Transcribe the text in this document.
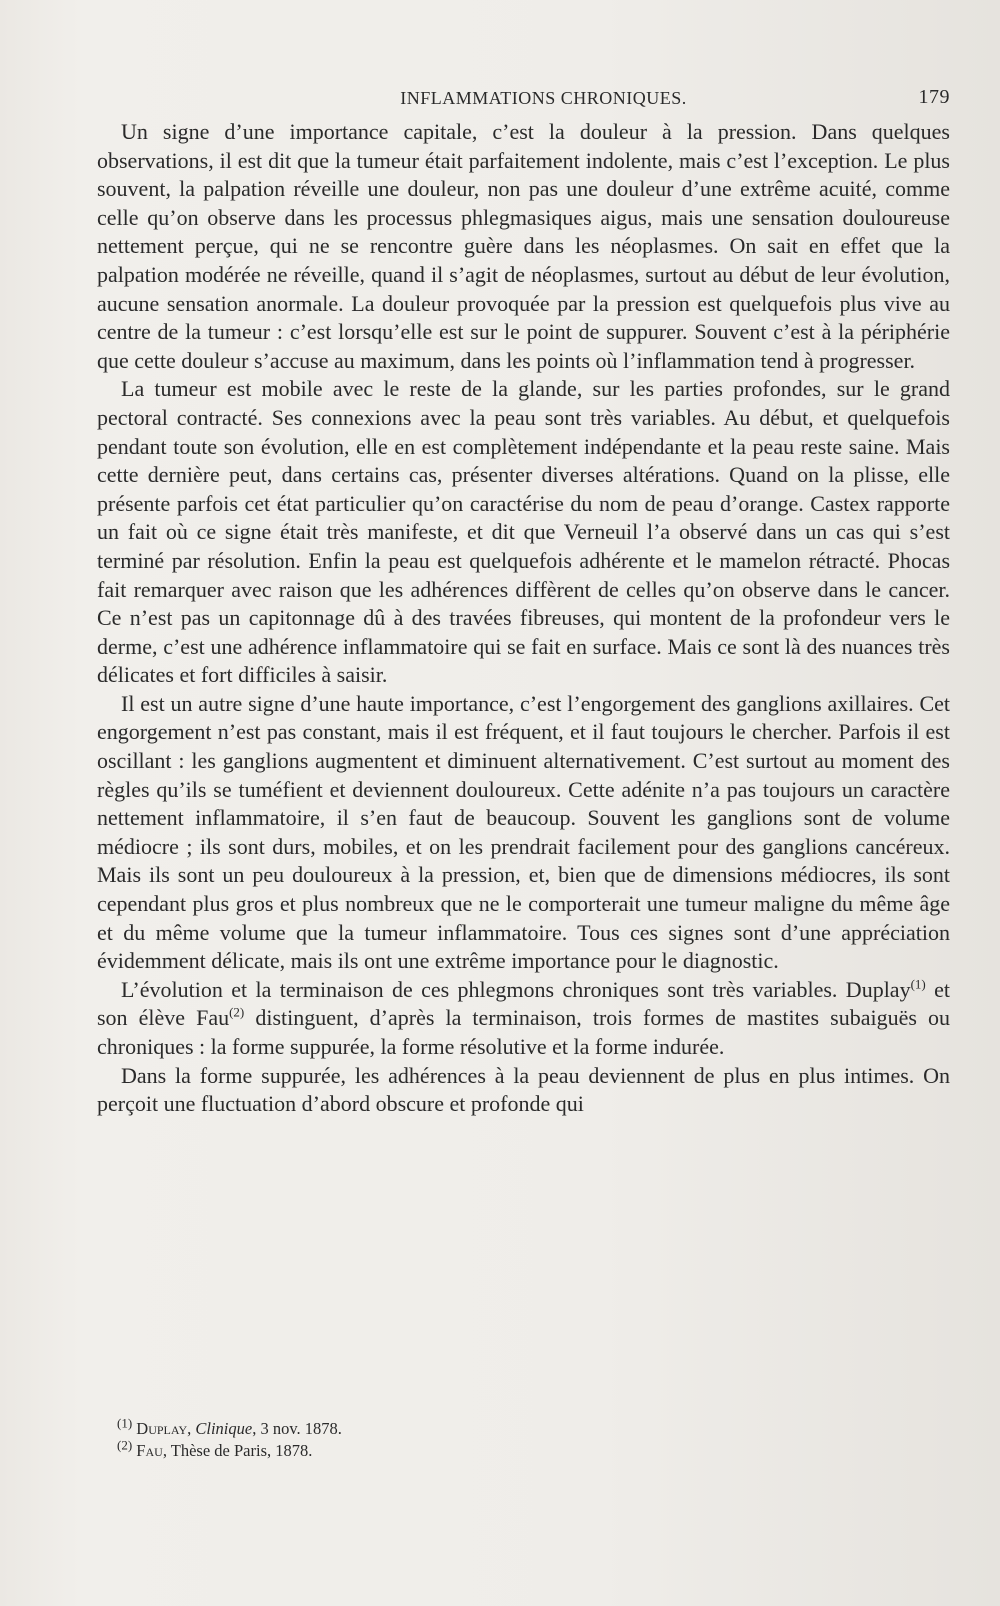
INFLAMMATIONS CHRONIQUES.	179

Un signe d’une importance capitale, c’est la douleur à la pression. Dans quelques observations, il est dit que la tumeur était parfaitement indolente, mais c’est l’exception. Le plus souvent, la palpation réveille une douleur, non pas une douleur d’une extrême acuité, comme celle qu’on observe dans les processus phlegmasiques aigus, mais une sensation douloureuse nettement perçue, qui ne se rencontre guère dans les néoplasmes. On sait en effet que la palpation modérée ne réveille, quand il s’agit de néoplasmes, surtout au début de leur évolution, aucune sensation anormale. La douleur provoquée par la pression est quelquefois plus vive au centre de la tumeur : c’est lorsqu’elle est sur le point de suppurer. Souvent c’est à la périphérie que cette douleur s’accuse au maximum, dans les points où l’inflammation tend à progresser.

La tumeur est mobile avec le reste de la glande, sur les parties profondes, sur le grand pectoral contracté. Ses connexions avec la peau sont très variables. Au début, et quelquefois pendant toute son évolution, elle en est complètement indépendante et la peau reste saine. Mais cette dernière peut, dans certains cas, présenter diverses altérations. Quand on la plisse, elle présente parfois cet état particulier qu’on caractérise du nom de peau d’orange. Castex rapporte un fait où ce signe était très manifeste, et dit que Verneuil l’a observé dans un cas qui s’est terminé par résolution. Enfin la peau est quelquefois adhérente et le mamelon rétracté. Phocas fait remarquer avec raison que les adhérences diffèrent de celles qu’on observe dans le cancer. Ce n’est pas un capitonnage dû à des travées fibreuses, qui montent de la profondeur vers le derme, c’est une adhérence inflammatoire qui se fait en surface. Mais ce sont là des nuances très délicates et fort difficiles à saisir.

Il est un autre signe d’une haute importance, c’est l’engorgement des ganglions axillaires. Cet engorgement n’est pas constant, mais il est fréquent, et il faut toujours le chercher. Parfois il est oscillant : les ganglions augmentent et diminuent alternativement. C’est surtout au moment des règles qu’ils se tuméfient et deviennent douloureux. Cette adénite n’a pas toujours un caractère nettement inflammatoire, il s’en faut de beaucoup. Souvent les ganglions sont de volume médiocre ; ils sont durs, mobiles, et on les prendrait facilement pour des ganglions cancéreux. Mais ils sont un peu douloureux à la pression, et, bien que de dimensions médiocres, ils sont cependant plus gros et plus nombreux que ne le comporterait une tumeur maligne du même âge et du même volume que la tumeur inflammatoire. Tous ces signes sont d’une appréciation évidemment délicate, mais ils ont une extrême importance pour le diagnostic.

L’évolution et la terminaison de ces phlegmons chroniques sont très variables. Duplay$^{(1)}$ et son élève Fau$^{(2)}$ distinguent, d’après la terminaison, trois formes de mastites subaiguës ou chroniques : la forme suppurée, la forme résolutive et la forme indurée.

Dans la forme suppurée, les adhérences à la peau deviennent de plus en plus intimes. On perçoit une fluctuation d’abord obscure et profonde qui

$^{(1)}$ Duplay, Clinique, 3 nov. 1878.

$^{(2)}$ Fau, Thèse de Paris, 1878.
